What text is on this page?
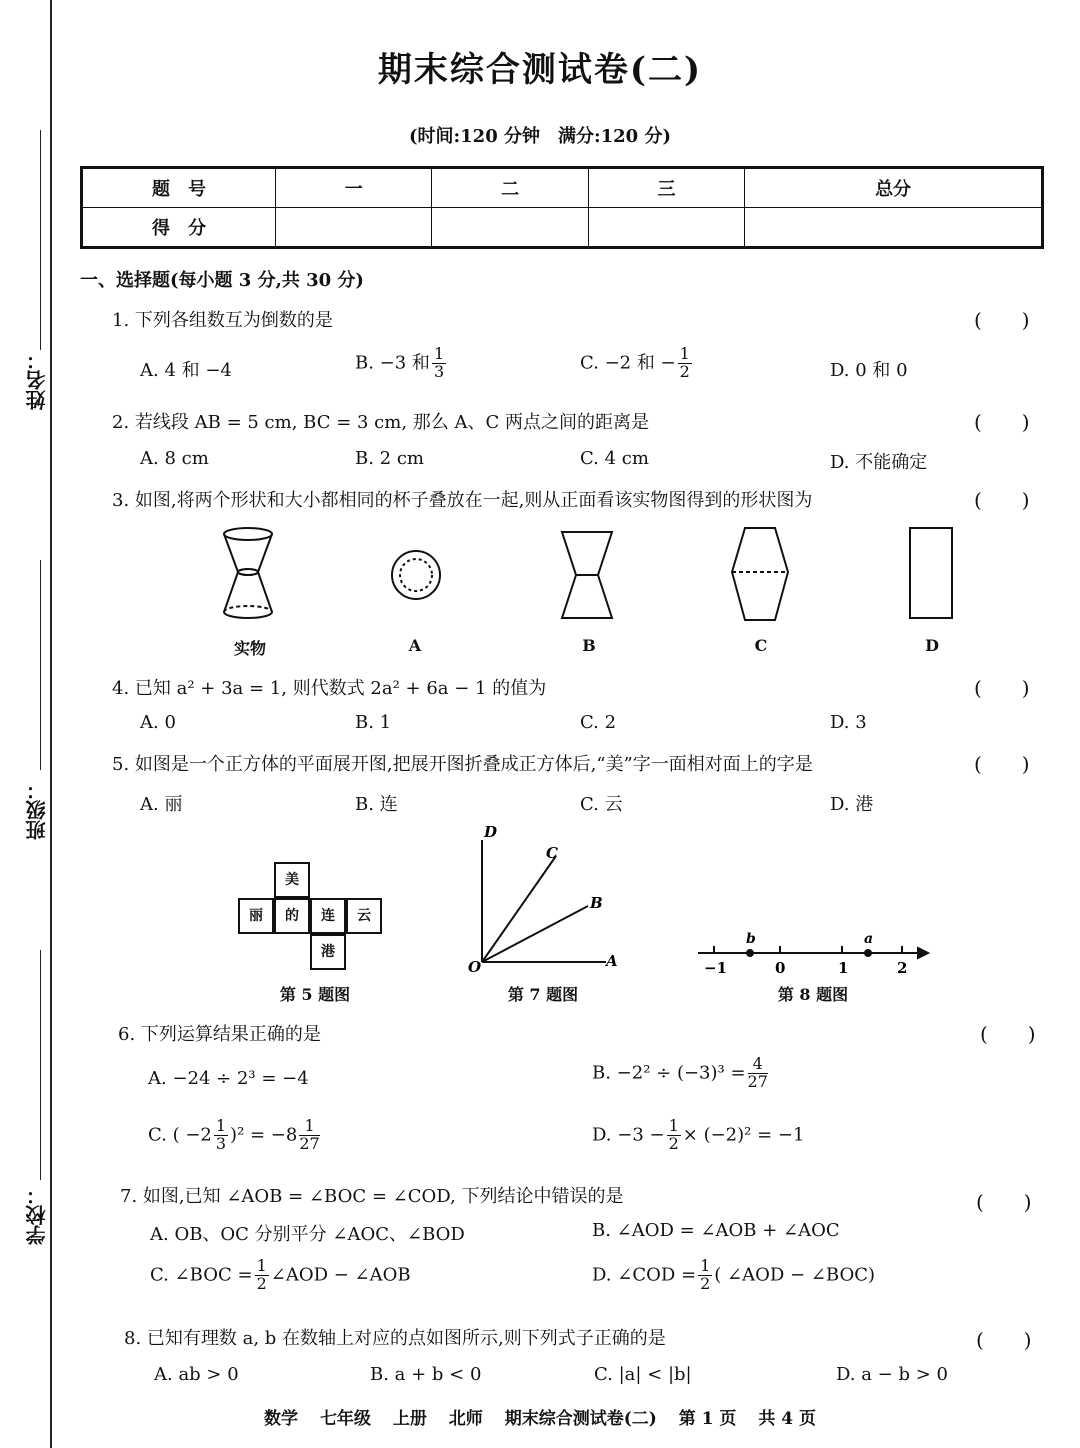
姓名：
班级：
学校：
期末综合测试卷(二)
(时间:120 分钟　满分:120 分)
题　号	一	二	三	总分
得　分				
一、选择题(每小题 3 分,共 30 分)
1. 下列各组数互为倒数的是	(　　)
A. 4 和 −4	B. −3 和 $\frac{1}{3}$	C. −2 和 − $\frac{1}{2}$	D. 0 和 0
2. 若线段 AB = 5 cm, BC = 3 cm, 那么 A、C 两点之间的距离是	(　　)
A. 8 cm	B. 2 cm	C. 4 cm	D. 不能确定
3. 如图,将两个形状和大小都相同的杯子叠放在一起,则从正面看该实物图得到的形状图为	(　　)
实物	A	B	C	D
4. 已知 a² + 3a = 1, 则代数式 2a² + 6a − 1 的值为	(　　)
A. 0	B. 1	C. 2	D. 3
5. 如图是一个正方体的平面展开图,把展开图折叠成正方体后,“美”字一面相对面上的字是	(　　)
A. 丽	B. 连	C. 云	D. 港
美
丽	的	连	云
港
第 5 题图
D
C
B
O	A
第 7 题图
b	a
−1	0	1	2
第 8 题图
6. 下列运算结果正确的是	(　　)
A. −24 ÷ 2³ = −4	B. $-2^2 \div (-3)^3 = \frac{4}{27}$
C. ( $-2 \frac{1}{3} )^2 = -8 \frac{1}{27}$	D. $-3 - \frac{1}{2} \times (-2)^2 = -1$
7. 如图,已知 ∠AOB = ∠BOC = ∠COD, 下列结论中错误的是	(　　)
A. OB、OC 分别平分 ∠AOC、∠BOD	B. ∠AOD = ∠AOB + ∠AOC
C. ∠BOC = $\frac{1}{2}$ ∠AOD − ∠AOB	D. ∠COD = $\frac{1}{2}$ ( ∠AOD − ∠BOC)
8. 已知有理数 a, b 在数轴上对应的点如图所示,则下列式子正确的是	(　　)
A. ab > 0	B. a + b < 0	C. |a| < |b|	D. a − b > 0
数学 七年级 上册 北师 期末综合测试卷(二) 第 1 页 共 4 页
